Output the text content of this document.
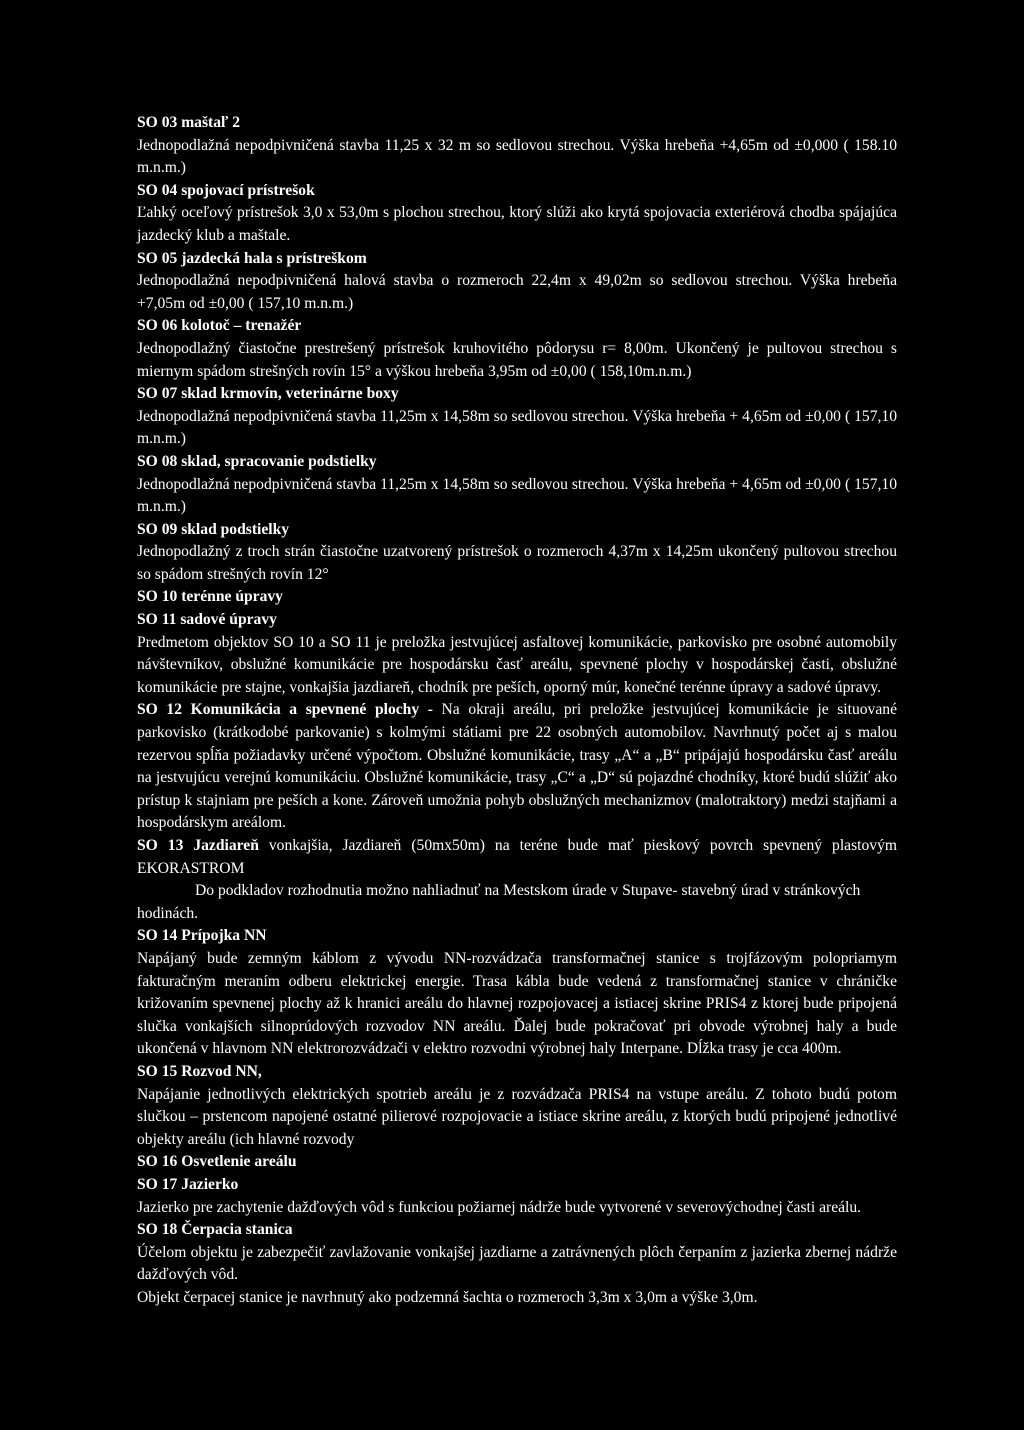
SO 03 maštaľ 2

Jednopodlažná nepodpivničená stavba 11,25 x 32 m so sedlovou strechou. Výška hrebeňa +4,65m od ±0,000 ( 158.10 m.n.m.)

SO 04 spojovací prístrešok

Ľahký oceľový prístrešok 3,0 x 53,0m s plochou strechou, ktorý slúži ako krytá spojovacia exteriérová chodba spájajúca jazdecký klub a maštale.

SO 05 jazdecká hala s prístreškom

Jednopodlažná nepodpivničená halová stavba o rozmeroch 22,4m x 49,02m so sedlovou strechou. Výška hrebeňa +7,05m od ±0,00 ( 157,10 m.n.m.)

SO 06 kolotoč – trenažér

Jednopodlažný čiastočne prestrešený prístrešok kruhovitého pôdorysu r= 8,00m. Ukončený je pultovou strechou s miernym spádom strešných rovín 15° a výškou hrebeňa 3,95m od ±0,00 ( 158,10m.n.m.)

SO 07 sklad krmovín, veterinárne boxy

Jednopodlažná nepodpivničená stavba 11,25m x 14,58m so sedlovou strechou. Výška hrebeňa + 4,65m od ±0,00 ( 157,10 m.n.m.)

SO 08 sklad, spracovanie podstielky

Jednopodlažná nepodpivničená stavba 11,25m x 14,58m so sedlovou strechou. Výška hrebeňa + 4,65m od ±0,00 ( 157,10 m.n.m.)

SO 09 sklad podstielky

Jednopodlažný z troch strán čiastočne uzatvorený prístrešok o rozmeroch 4,37m x 14,25m ukončený pultovou strechou so spádom strešných rovín 12°

SO 10 terénne úpravy

SO 11 sadové úpravy

Predmetom objektov SO 10 a SO 11 je preložka jestvujúcej asfaltovej komunikácie, parkovisko pre osobné automobily návštevníkov, obslužné komunikácie pre hospodársku časť areálu, spevnené plochy v hospodárskej časti, obslužné komunikácie pre stajne, vonkajšia jazdiareň, chodník pre peších, oporný múr, konečné terénne úpravy a sadové úpravy.

SO 12 Komunikácia a spevnené plochy - Na okraji areálu, pri preložke jestvujúcej komunikácie je situované parkovisko (krátkodobé parkovanie) s kolmými státiami pre 22 osobných automobilov. Navrhnutý počet aj s malou rezervou spĺňa požiadavky určené výpočtom. Obslužné komunikácie, trasy „A“ a „B“ pripájajú hospodársku časť areálu na jestvujúcu verejnú komunikáciu. Obslužné komunikácie, trasy „C“ a „D“ sú pojazdné chodníky, ktoré budú slúžiť ako prístup k stajniam pre peších a kone. Zároveň umožnia pohyb obslužných mechanizmov (malotraktory) medzi stajňami a hospodárskym areálom.

SO 13 Jazdiareň vonkajšia, Jazdiareň (50mx50m) na teréne bude mať pieskový povrch spevnený plastovým EKORASTROM

Do podkladov rozhodnutia možno nahliadnuť na Mestskom úrade v Stupave- stavebný úrad v stránkových hodinách.

SO 14 Prípojka NN

Napájaný bude zemným káblom z vývodu NN-rozvádzača transformačnej stanice s trojfázovým polopriamym fakturačným meraním odberu elektrickej energie. Trasa kábla bude vedená z transformačnej stanice v chráničke križovaním spevnenej plochy až k hranici areálu do hlavnej rozpojovacej a istiacej skrine PRIS4 z ktorej bude pripojená slučka vonkajších silnoprúdových rozvodov NN areálu. Ďalej bude pokračovať pri obvode výrobnej haly a bude ukončená v hlavnom NN elektrorozvádzači v elektro rozvodni výrobnej haly Interpane. Dĺžka trasy je cca 400m.

SO 15 Rozvod NN,

Napájanie jednotlivých elektrických spotrieb areálu je z rozvádzača PRIS4 na vstupe areálu. Z tohoto budú potom slučkou – prstencom napojené ostatné pilierové rozpojovacie a istiace skrine areálu, z ktorých budú pripojené jednotlivé objekty areálu (ich hlavné rozvody

SO 16 Osvetlenie areálu

SO 17 Jazierko

Jazierko pre zachytenie dažďových vôd s funkciou požiarnej nádrže bude vytvorené v severovýchodnej časti areálu.

SO 18 Čerpacia stanica

Účelom objektu je zabezpečiť zavlažovanie vonkajšej jazdiarne a zatrávnených plôch čerpaním z jazierka zbernej nádrže dažďových vôd.

Objekt čerpacej stanice je navrhnutý ako podzemná šachta o rozmeroch 3,3m x 3,0m a výške 3,0m.
